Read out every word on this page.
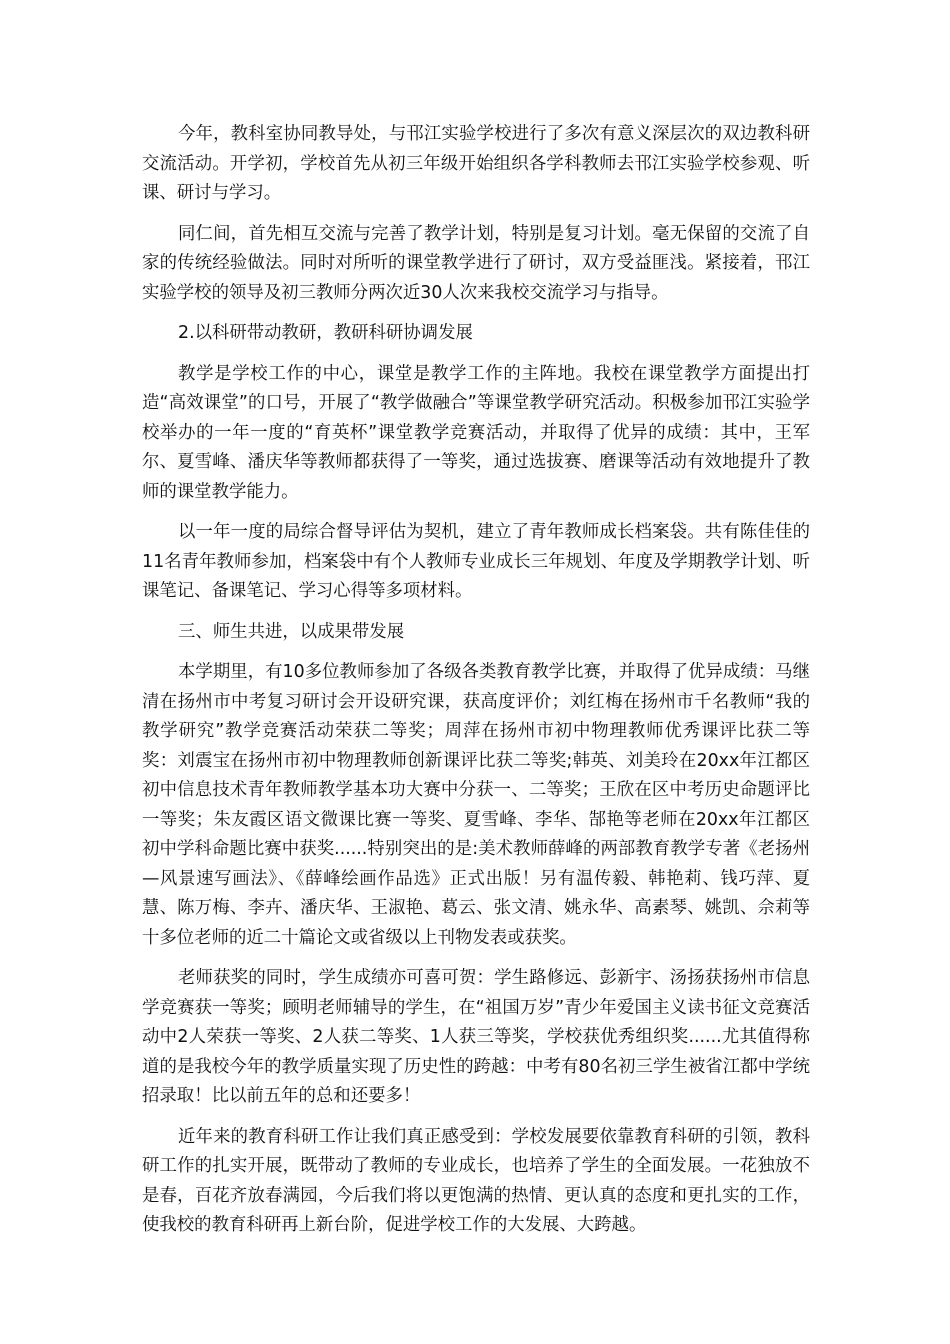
今年，教科室协同教导处，与邗江实验学校进行了多次有意义深层次的双边教科研交流活动。开学初，学校首先从初三年级开始组织各学科教师去邗江实验学校参观、听课、研讨与学习。

同仁间，首先相互交流与完善了教学计划，特别是复习计划。毫无保留的交流了自家的传统经验做法。同时对所听的课堂教学进行了研讨，双方受益匪浅。紧接着，邗江实验学校的领导及初三教师分两次近30人次来我校交流学习与指导。

2.以科研带动教研，教研科研协调发展

教学是学校工作的中心，课堂是教学工作的主阵地。我校在课堂教学方面提出打造“高效课堂”的口号，开展了“教学做融合”等课堂教学研究活动。积极参加邗江实验学校举办的一年一度的“育英杯”课堂教学竞赛活动，并取得了优异的成绩：其中，王军尔、夏雪峰、潘庆华等教师都获得了一等奖，通过选拔赛、磨课等活动有效地提升了教师的课堂教学能力。

以一年一度的局综合督导评估为契机，建立了青年教师成长档案袋。共有陈佳佳的11名青年教师参加，档案袋中有个人教师专业成长三年规划、年度及学期教学计划、听课笔记、备课笔记、学习心得等多项材料。

三、师生共进，以成果带发展

本学期里，有10多位教师参加了各级各类教育教学比赛，并取得了优异成绩：马继清在扬州市中考复习研讨会开设研究课，获高度评价；刘红梅在扬州市千名教师“我的教学研究”教学竞赛活动荣获二等奖；周萍在扬州市初中物理教师优秀课评比获二等奖：刘震宝在扬州市初中物理教师创新课评比获二等奖;韩英、刘美玲在20xx年江都区初中信息技术青年教师教学基本功大赛中分获一、二等奖；王欣在区中考历史命题评比一等奖；朱友霞区语文微课比赛一等奖、夏雪峰、李华、郜艳等老师在20xx年江都区初中学科命题比赛中获奖......特别突出的是:美术教师薛峰的两部教育教学专著《老扬州—风景速写画法》、《薛峰绘画作品选》正式出版！另有温传毅、韩艳莉、钱巧萍、夏慧、陈万梅、李卉、潘庆华、王淑艳、葛云、张文清、姚永华、高素琴、姚凯、佘莉等十多位老师的近二十篇论文或省级以上刊物发表或获奖。

老师获奖的同时，学生成绩亦可喜可贺：学生路修远、彭新宇、汤扬获扬州市信息学竞赛获一等奖；顾明老师辅导的学生，在“祖国万岁”青少年爱国主义读书征文竞赛活动中2人荣获一等奖、2人获二等奖、1人获三等奖，学校获优秀组织奖......尤其值得称道的是我校今年的教学质量实现了历史性的跨越：中考有80名初三学生被省江都中学统招录取！比以前五年的总和还要多！

近年来的教育科研工作让我们真正感受到：学校发展要依靠教育科研的引领，教科研工作的扎实开展，既带动了教师的专业成长，也培养了学生的全面发展。一花独放不是春，百花齐放春满园，今后我们将以更饱满的热情、更认真的态度和更扎实的工作，使我校的教育科研再上新台阶，促进学校工作的大发展、大跨越。
